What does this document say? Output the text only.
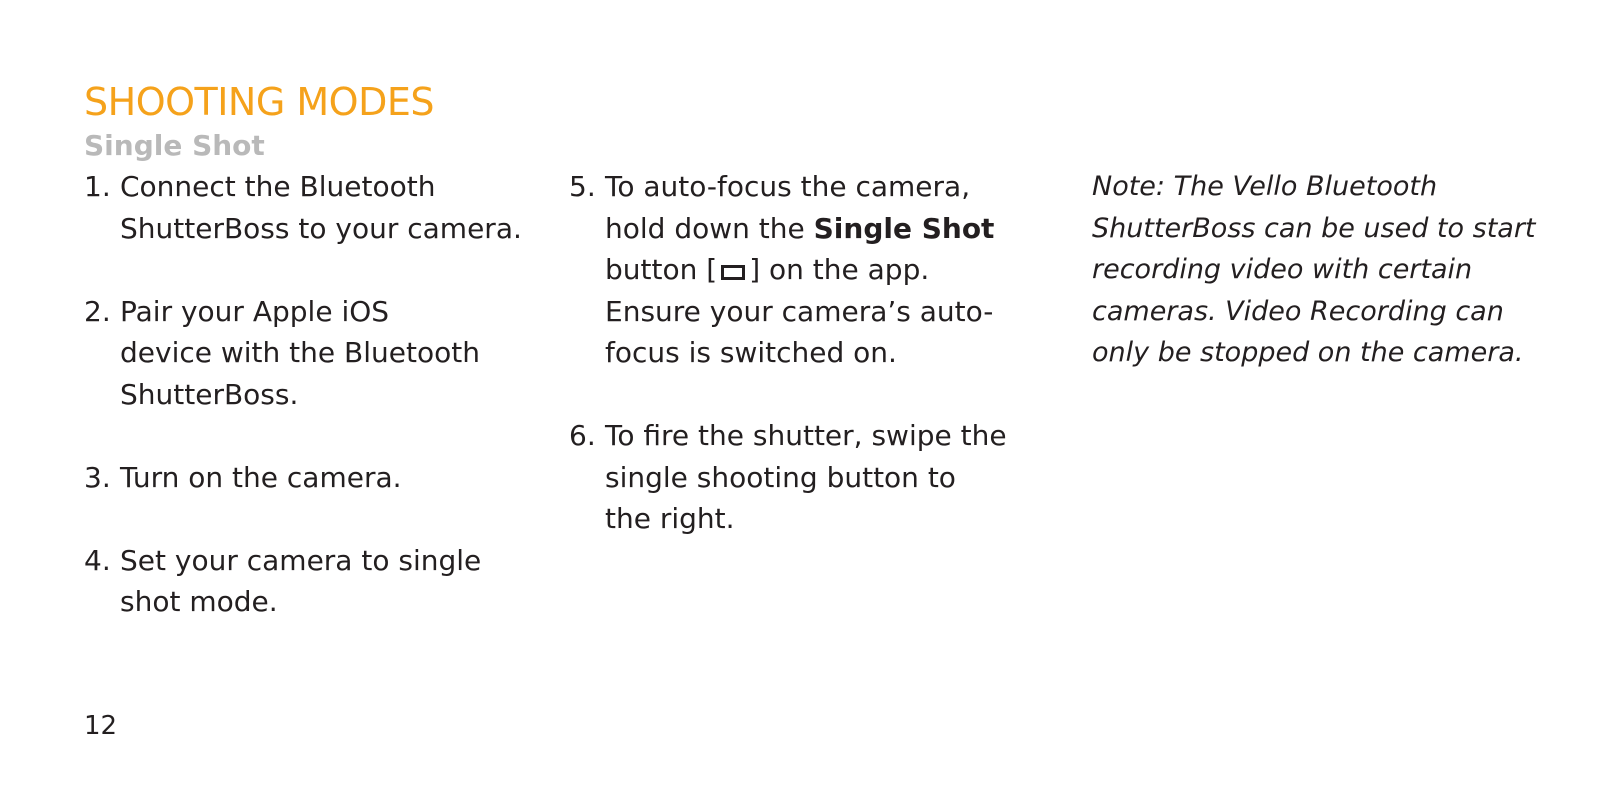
SHOOTING MODES
Single Shot
1. Connect the Bluetooth
ShutterBoss to your camera.
2. Pair your Apple iOS
device with the Bluetooth
ShutterBoss.
3. Turn on the camera.
4. Set your camera to single
shot mode.
5. To auto-focus the camera,
hold down the Single Shot
button [ ] on the app.
Ensure your camera’s auto-
focus is switched on.
6. To fire the shutter, swipe the
single shooting button to
the right.

Note: The Vello Bluetooth
ShutterBoss can be used to start
recording video with certain
cameras. Video Recording can
only be stopped on the camera.

12
